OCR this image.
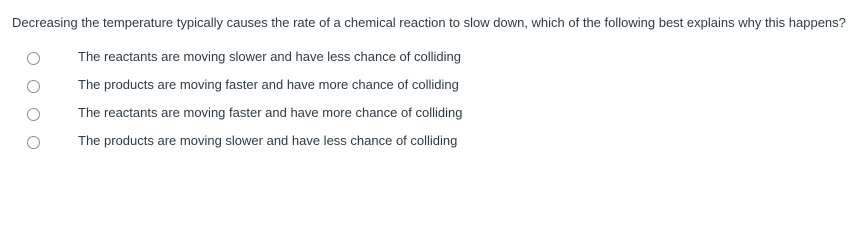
Decreasing the temperature typically causes the rate of a chemical reaction to slow down, which of the following best explains why this happens?
The reactants are moving slower and have less chance of colliding
The products are moving faster and have more chance of colliding
The reactants are moving faster and have more chance of colliding
The products are moving slower and have less chance of colliding
